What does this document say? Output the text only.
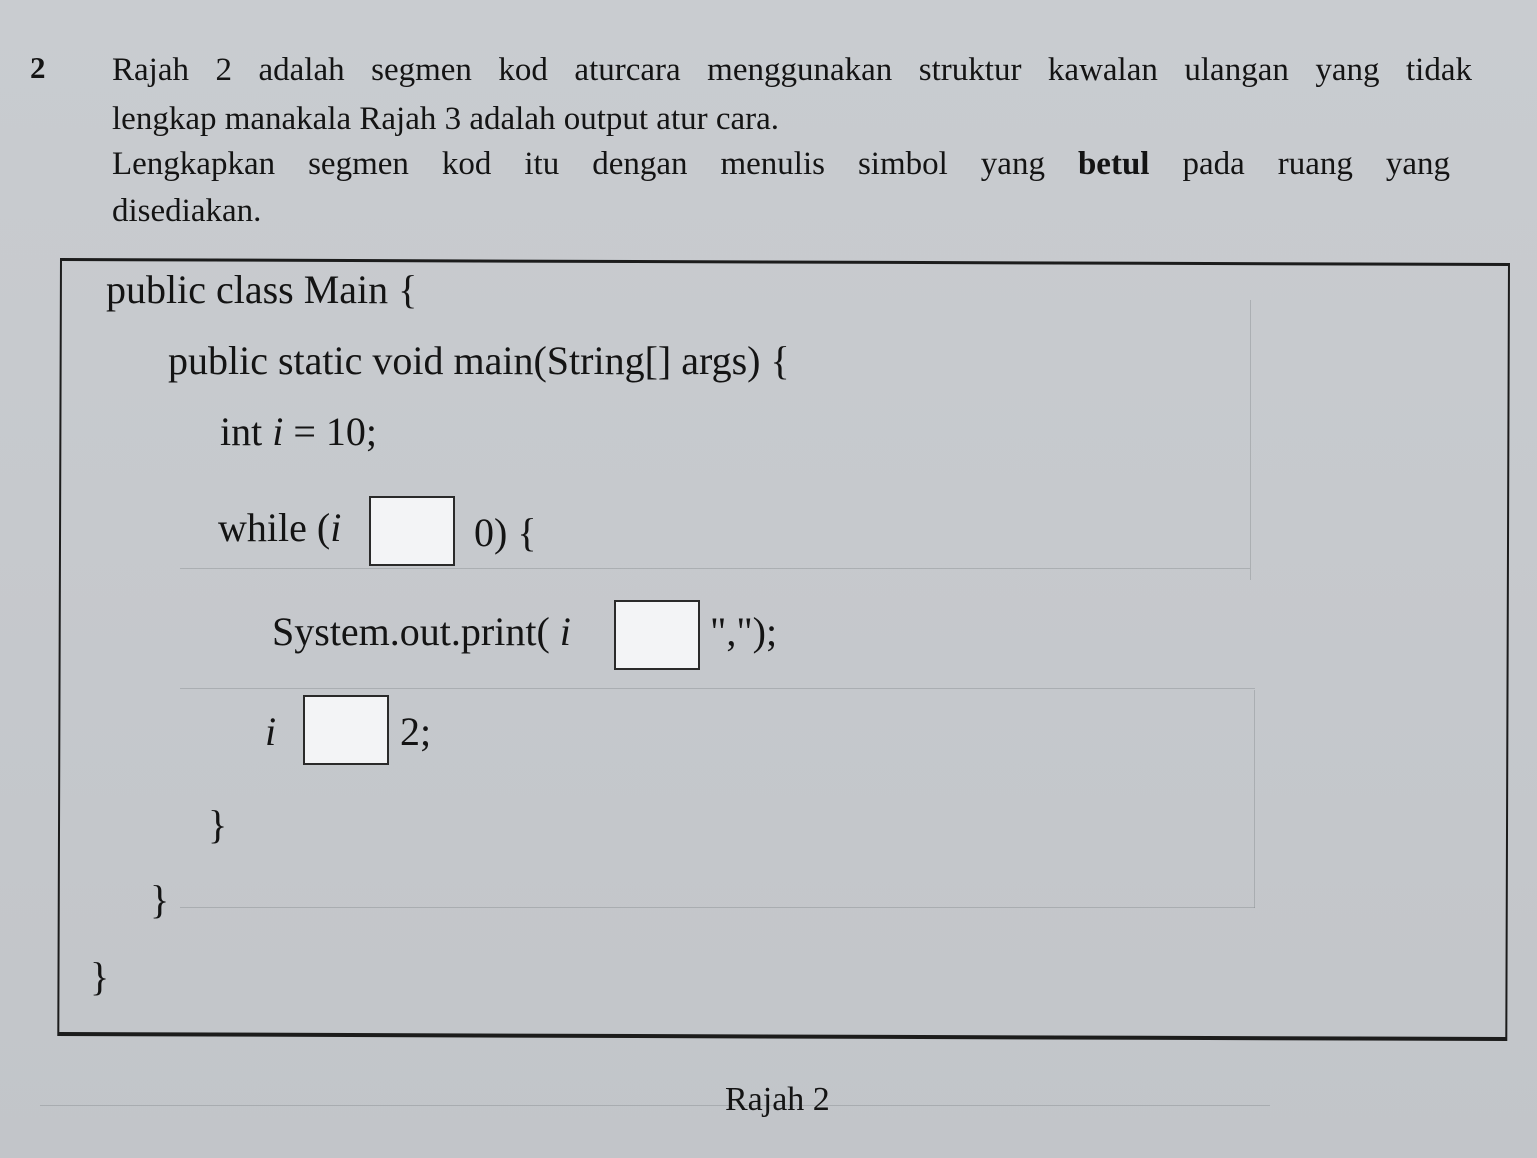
2 Rajah 2 adalah segmen kod aturcara menggunakan struktur kawalan ulangan yang tidak
lengkap manakala Rajah 3 adalah output atur cara.
Lengkapkan segmen kod itu dengan menulis simbol yang betul pada ruang yang
disediakan.
public class Main {
public static void main(String[] args) {
int i = 10;
while (i	0) {
System.out.print( i	",");
i	2;
}
}
}
Rajah 2
